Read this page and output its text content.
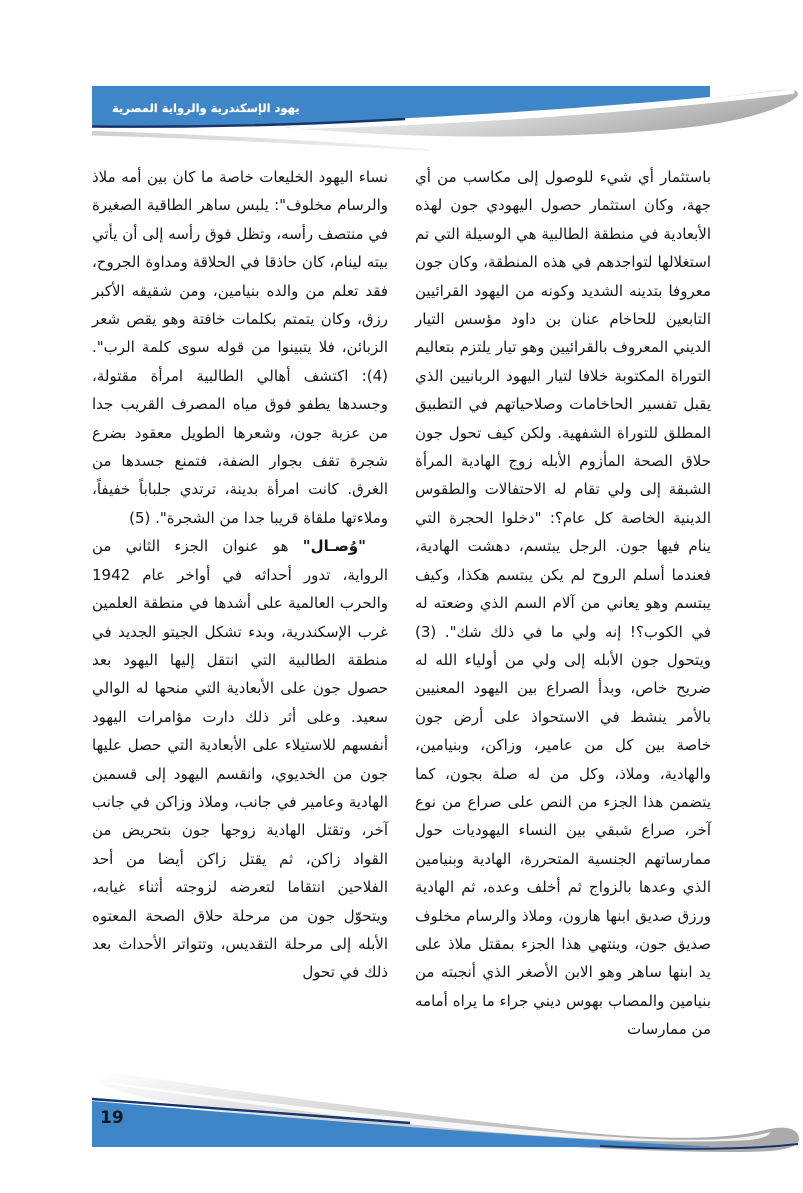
يهود الإسكندرية والرواية المصرية

باستثمار أي شيء للوصول إلى مكاسب من أي جهة، وكان استثمار حصول اليهودي جون لهذه الأبعادية في منطقة الطالبية هي الوسيلة التي تم استغلالها لتواجدهم في هذه المنطقة، وكان جون معروفا بتدينه الشديد وكونه من اليهود القرائيين التابعين للحاخام عنان بن داود مؤسس التيار الديني المعروف بالقرائيين وهو تيار يلتزم بتعاليم التوراة المكتوبة خلافا لتيار اليهود الربانيين الذي يقبل تفسير الحاخامات وصلاحياتهم في التطبيق المطلق للتوراة الشفهية. ولكن كيف تحول جون حلاق الصحة المأزوم الأبله زوج الهادية المرأة الشبقة إلى ولي تقام له الاحتفالات والطقوس الدينية الخاصة كل عام؟: "دخلوا الحجرة التي ينام فيها جون. الرجل يبتسم، دهشت الهادية، فعندما أسلم الروح لم يكن يبتسم هكذا، وكيف يبتسم وهو يعاني من آلام السم الذي وضعته له في الكوب؟! إنه ولي ما في ذلك شك". (3) ويتحول جون الأبله إلى ولي من أولياء الله له ضريح خاص، وبدأ الصراع بين اليهود المعنيين بالأمر ينشط في الاستحواذ على أرض جون خاصة بين كل من عامير، وزاكن، وبنيامين، والهادية، وملاذ، وكل من له صلة بجون، كما يتضمن هذا الجزء من النص على صراع من نوع آخر، صراع شبقي بين النساء اليهوديات حول ممارساتهم الجنسية المتحررة، الهادية وبنيامين الذي وعدها بالزواج ثم أخلف وعده، ثم الهادية ورزق صديق ابنها هارون، وملاذ والرسام مخلوف صديق جون، وينتهي هذا الجزء بمقتل ملاذ على يد ابنها ساهر وهو الابن الأصغر الذي أنجبته من بنيامين والمصاب بهوس ديني جراء ما يراه أمامه من ممارسات

نساء اليهود الخليعات خاصة ما كان بين أمه ملاذ والرسام مخلوف": يلبس ساهر الطاقية الصغيرة في منتصف رأسه، وتظل فوق رأسه إلى أن يأتي بيته لينام، كان حاذقا في الحلاقة ومداوة الجروح، فقد تعلم من والده بنيامين، ومن شقيقه الأكبر رزق، وكان يتمتم بكلمات خافتة وهو يقص شعر الزبائن، فلا يتبينوا من قوله سوى كلمة الرب". (4): اكتشف أهالي الطالبية امرأة مقتولة، وجسدها يطفو فوق مياه المصرف القريب جدا من عزبة جون، وشعرها الطويل معقود بضرع شجرة تقف بجوار الضفة، فتمنع جسدها من الغرق. كانت امرأة بدينة، ترتدي جلباباً خفيفاً، وملاءتها ملقاة قريبا جدا من الشجرة". (5)

"وُصـال" هو عنوان الجزء الثاني من الرواية، تدور أحداثه في أواخر عام 1942 والحرب العالمية على أشدها في منطقة العلمين غرب الإسكندرية، وبدء تشكل الجيتو الجديد في منطقة الطالبية التي انتقل إليها اليهود بعد حصول جون على الأبعادية التي منحها له الوالي سعيد. وعلى أثر ذلك دارت مؤامرات اليهود أنفسهم للاستيلاء على الأبعادية التي حصل عليها جون من الخديوي، وانقسم اليهود إلى قسمين الهادية وعامير في جانب، وملاذ وزاكن في جانب آخر، وتقتل الهادية زوجها جون بتحريض من القواد زاكن، ثم يقتل زاكن أيضا من أحد الفلاحين انتقاما لتعرضه لزوجته أثناء غيابه، ويتحوّل جون من مرحلة حلاق الصحة المعتوه الأبله إلى مرحلة التقديس، وتتواتر الأحداث بعد ذلك في تحول

19
